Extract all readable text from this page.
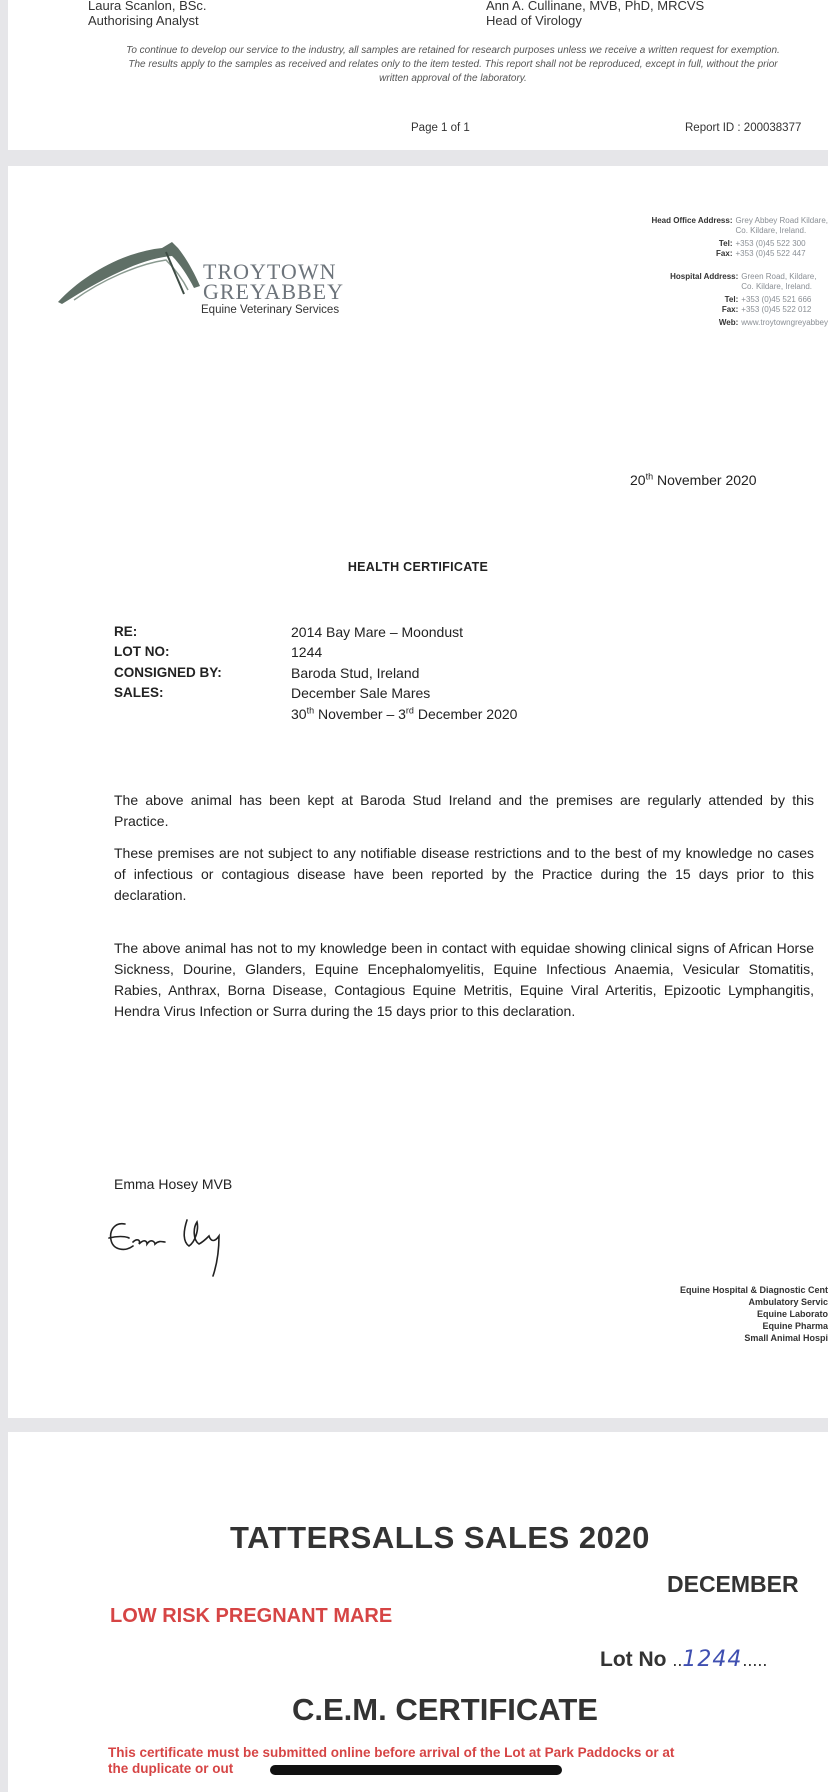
Laura Scanlon, BSc.
Authorising Analyst
Ann A. Cullinane, MVB, PhD, MRCVS
Head of Virology
To continue to develop our service to the industry, all samples are retained for research purposes unless we receive a written request for exemption.
The results apply to the samples as received and relates only to the item tested. This report shall not be reproduced, except in full, without the prior
written approval of the laboratory.
Page 1 of 1	Report ID : 200038377
TROYTOWN
GREYABBEY
Equine Veterinary Services
Head Office Address: Grey Abbey Road Kildare,
Co. Kildare, Ireland.
Tel: +353 (0)45 522 300
Fax: +353 (0)45 522 447
Hospital Address: Green Road, Kildare,
Co. Kildare, Ireland.
Tel: +353 (0)45 521 666
Fax: +353 (0)45 522 012
Web: www.troytowngreyabbey
20th November 2020
HEALTH CERTIFICATE
RE:	2014 Bay Mare – Moondust
LOT NO:	1244
CONSIGNED BY:	Baroda Stud, Ireland
SALES:	December Sale Mares
30th November – 3rd December 2020
The above animal has been kept at Baroda Stud Ireland and the premises are regularly attended by this Practice.
These premises are not subject to any notifiable disease restrictions and to the best of my knowledge no cases of infectious or contagious disease have been reported by the Practice during the 15 days prior to this declaration.
The above animal has not to my knowledge been in contact with equidae showing clinical signs of African Horse Sickness, Dourine, Glanders, Equine Encephalomyelitis, Equine Infectious Anaemia, Vesicular Stomatitis, Rabies, Anthrax, Borna Disease, Contagious Equine Metritis, Equine Viral Arteritis, Epizootic Lymphangitis, Hendra Virus Infection or Surra during the 15 days prior to this declaration.
Emma Hosey MVB
Equine Hospital & Diagnostic Cent
Ambulatory Servic
Equine Laborato
Equine Pharma
Small Animal Hospi
TATTERSALLS SALES 2020
DECEMBER
LOW RISK PREGNANT MARE
Lot No ..1244.....
C.E.M. CERTIFICATE
This certificate must be submitted online before arrival of the Lot at Park Paddocks or at
the duplicate or out
